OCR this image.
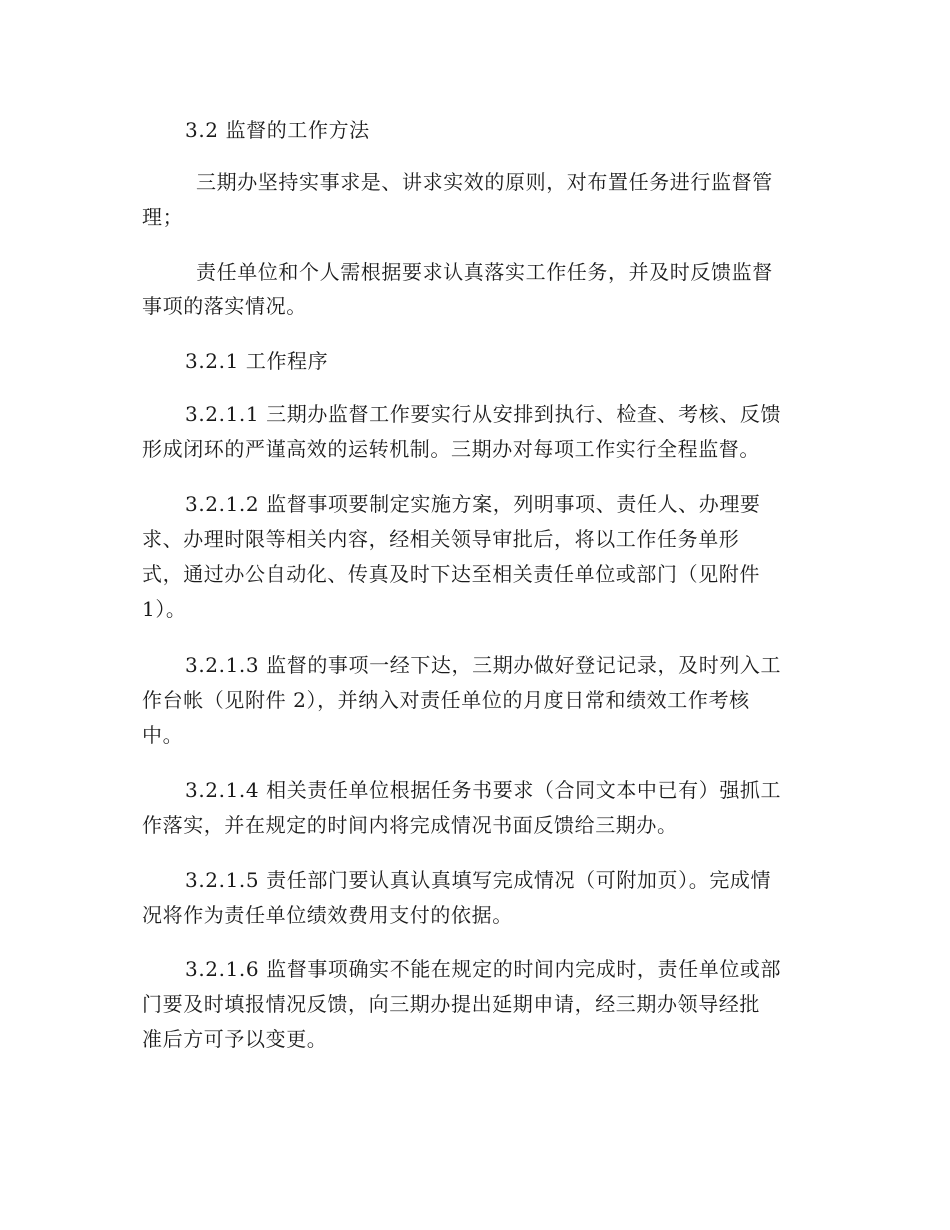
3.2 监督的工作方法
三期办坚持实事求是、讲求实效的原则，对布置任务进行监督管
理；
责任单位和个人需根据要求认真落实工作任务，并及时反馈监督
事项的落实情况。
3.2.1 工作程序
3.2.1.1 三期办监督工作要实行从安排到执行、检查、考核、反馈
形成闭环的严谨高效的运转机制。三期办对每项工作实行全程监督。
3.2.1.2 监督事项要制定实施方案，列明事项、责任人、办理要
求、办理时限等相关内容，经相关领导审批后，将以工作任务单形
式，通过办公自动化、传真及时下达至相关责任单位或部门（见附件
1）。
3.2.1.3 监督的事项一经下达，三期办做好登记记录，及时列入工
作台帐（见附件 2），并纳入对责任单位的月度日常和绩效工作考核
中。
3.2.1.4 相关责任单位根据任务书要求（合同文本中已有）强抓工
作落实，并在规定的时间内将完成情况书面反馈给三期办。
3.2.1.5 责任部门要认真认真填写完成情况（可附加页）。完成情
况将作为责任单位绩效费用支付的依据。
3.2.1.6 监督事项确实不能在规定的时间内完成时，责任单位或部
门要及时填报情况反馈，向三期办提出延期申请，经三期办领导经批
准后方可予以变更。
